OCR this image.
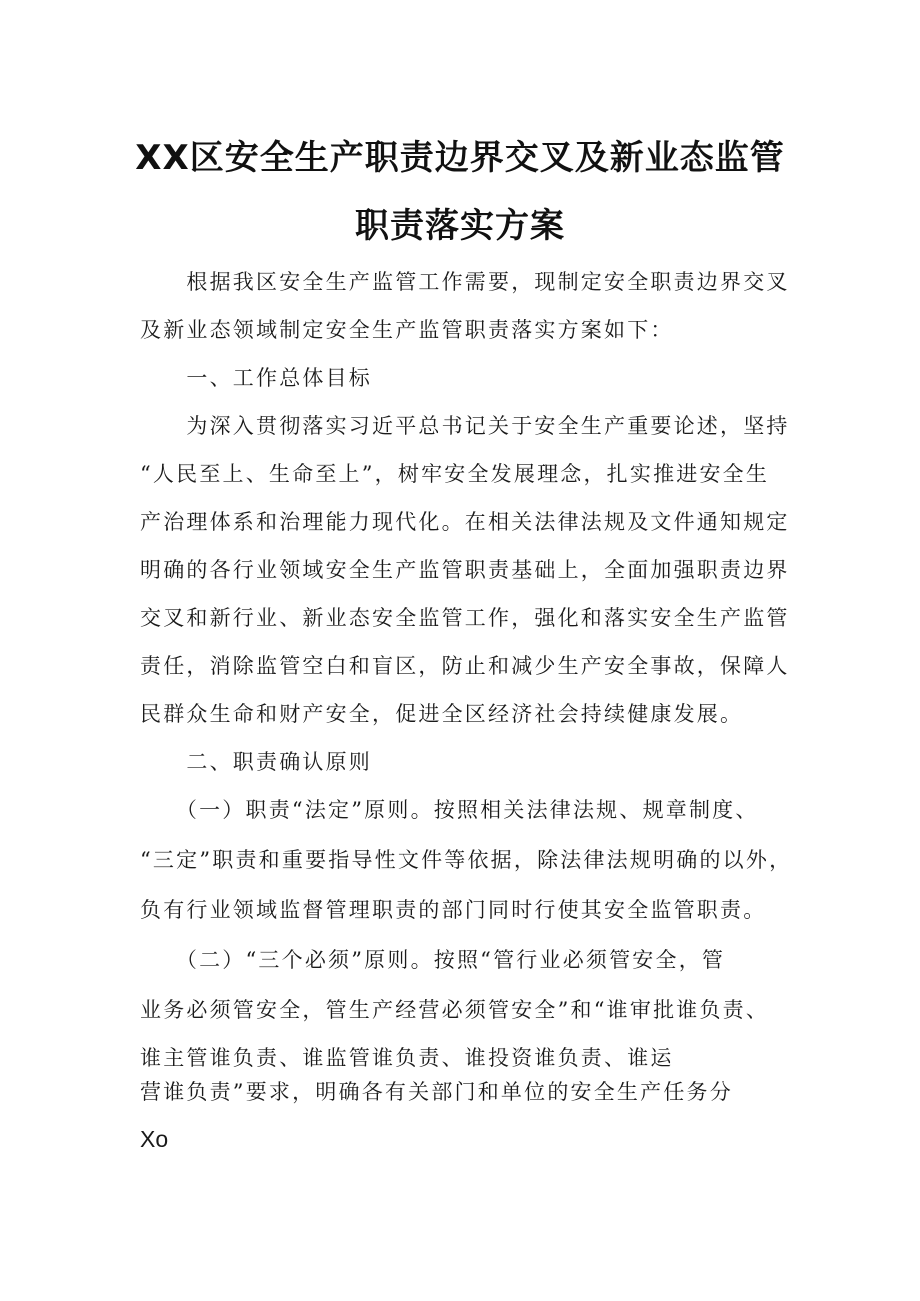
XX区安全生产职责边界交叉及新业态监管
职责落实方案
　　根据我区安全生产监管工作需要，现制定安全职责边界交叉
及新业态领域制定安全生产监管职责落实方案如下：
　　一、工作总体目标
　　为深入贯彻落实习近平总书记关于安全生产重要论述，坚持
“人民至上、生命至上”，树牢安全发展理念，扎实推进安全生
产治理体系和治理能力现代化。在相关法律法规及文件通知规定
明确的各行业领域安全生产监管职责基础上，全面加强职责边界
交叉和新行业、新业态安全监管工作，强化和落实安全生产监管
责任，消除监管空白和盲区，防止和减少生产安全事故，保障人
民群众生命和财产安全，促进全区经济社会持续健康发展。
　　二、职责确认原则
　　（一）职责“法定”原则。按照相关法律法规、规章制度、
“三定”职责和重要指导性文件等依据，除法律法规明确的以外，
负有行业领域监督管理职责的部门同时行使其安全监管职责。
　　（二）“三个必须”原则。按照“管行业必须管安全，管
业务必须管安全，管生产经营必须管安全”和“谁审批谁负责、
谁主管谁负责、谁监管谁负责、谁投资谁负责、谁运
营谁负责”要求，明确各有关部门和单位的安全生产任务分
Xo
